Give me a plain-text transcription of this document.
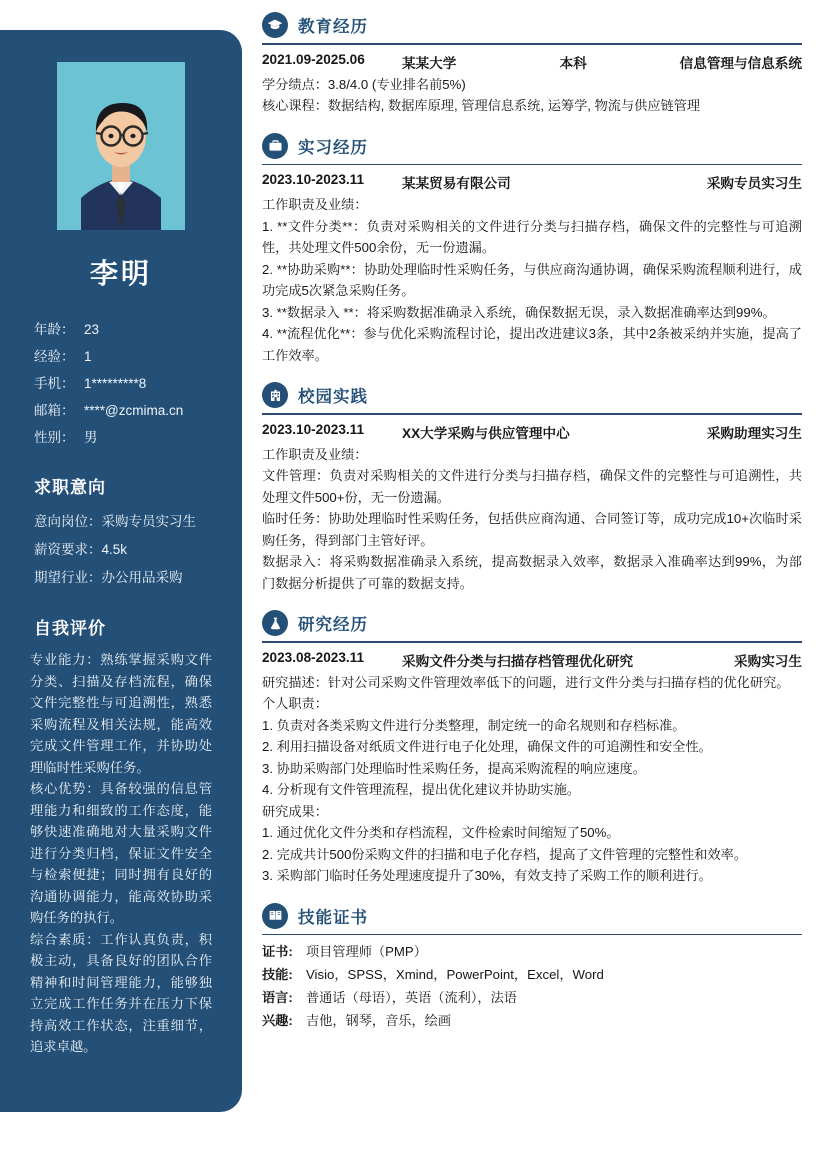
李明
年龄： 23
经验： 1
手机： 1*********8
邮箱： ****@zcmima.cn
性别： 男
求职意向
意向岗位：采购专员实习生
薪资要求：4.5k
期望行业：办公用品采购
自我评价

专业能力：熟练掌握采购文件分类、扫描及存档流程，确保文件完整性与可追溯性，熟悉采购流程及相关法规，能高效完成文件管理工作，并协助处理临时性采购任务。

核心优势：具备较强的信息管理能力和细致的工作态度，能够快速准确地对大量采购文件进行分类归档，保证文件安全与检索便捷；同时拥有良好的沟通协调能力，能高效协助采购任务的执行。

综合素质：工作认真负责，积极主动，具备良好的团队合作精神和时间管理能力，能够独立完成工作任务并在压力下保持高效工作状态，注重细节，追求卓越。

教育经历
2021.09-2025.06	某某大学	本科	信息管理与信息系统
学分绩点：3.8/4.0 (专业排名前5%)
核心课程：数据结构, 数据库原理, 管理信息系统, 运筹学, 物流与供应链管理
实习经历
2023.10-2023.11	某某贸易有限公司	采购专员实习生
工作职责及业绩：
1. **文件分类**：负责对采购相关的文件进行分类与扫描存档，确保文件的完整性与可追溯性，共处理文件500余份，无一份遗漏。
2. **协助采购**：协助处理临时性采购任务，与供应商沟通协调，确保采购流程顺利进行，成功完成5次紧急采购任务。
3. **数据录入 **：将采购数据准确录入系统，确保数据无误，录入数据准确率达到99%。
4. **流程优化**：参与优化采购流程讨论，提出改进建议3条，其中2条被采纳并实施，提高了工作效率。
校园实践
2023.10-2023.11	XX大学采购与供应管理中心	采购助理实习生
工作职责及业绩：
文件管理：负责对采购相关的文件进行分类与扫描存档，确保文件的完整性与可追溯性，共处理文件500+份，无一份遗漏。
临时任务：协助处理临时性采购任务，包括供应商沟通、合同签订等，成功完成10+次临时采购任务，得到部门主管好评。
数据录入：将采购数据准确录入系统，提高数据录入效率，数据录入准确率达到99%，为部门数据分析提供了可靠的数据支持。
研究经历
2023.08-2023.11	采购文件分类与扫描存档管理优化研究	采购实习生
研究描述：针对公司采购文件管理效率低下的问题，进行文件分类与扫描存档的优化研究。
个人职责：
1. 负责对各类采购文件进行分类整理，制定统一的命名规则和存档标准。
2. 利用扫描设备对纸质文件进行电子化处理，确保文件的可追溯性和安全性。
3. 协助采购部门处理临时性采购任务，提高采购流程的响应速度。
4. 分析现有文件管理流程，提出优化建议并协助实施。
研究成果：
1. 通过优化文件分类和存档流程，文件检索时间缩短了50%。
2. 完成共计500份采购文件的扫描和电子化存档，提高了文件管理的完整性和效率。
3. 采购部门临时任务处理速度提升了30%，有效支持了采购工作的顺利进行。
技能证书
证书:	项目管理师（PMP）
技能:	Visio，SPSS，Xmind，PowerPoint，Excel，Word
语言:	普通话（母语），英语（流利），法语
兴趣:	吉他，钢琴，音乐，绘画
